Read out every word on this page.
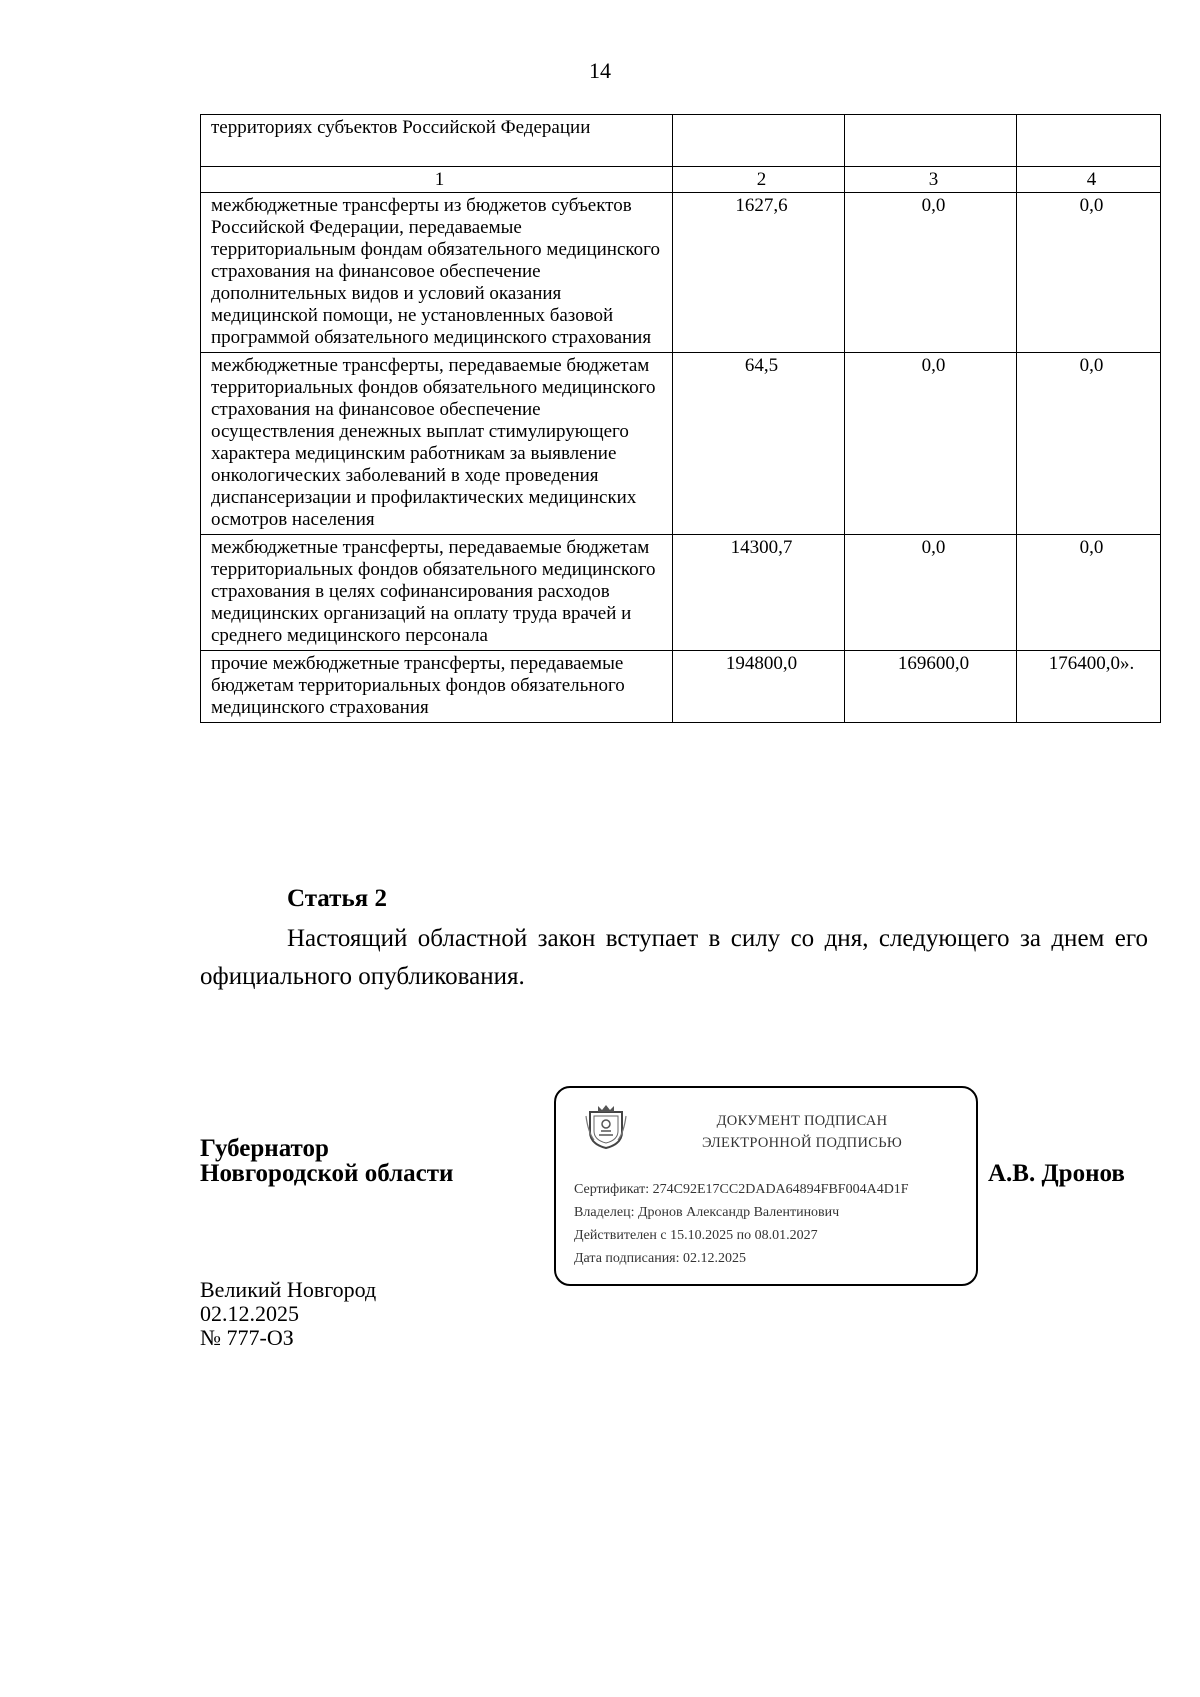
14
территориях субъектов Российской Федерации			
1	2	3	4
межбюджетные трансферты из бюджетов субъектов Российской Федерации, передаваемые территориальным фондам обязательного медицинского страхования на финансовое обеспечение дополнительных видов и условий оказания медицинской помощи, не установленных базовой программой обязательного медицинского страхования	1627,6	0,0	0,0
межбюджетные трансферты, передаваемые бюджетам территориальных фондов обязательного медицинского страхования на финансовое обеспечение осуществления денежных выплат стимулирующего характера медицинским работникам за выявление онкологических заболеваний в ходе проведения диспансеризации и профилактических медицинских осмотров населения	64,5	0,0	0,0
межбюджетные трансферты, передаваемые бюджетам территориальных фондов обязательного медицинского страхования в целях софинансирования расходов медицинских организаций на оплату труда врачей и среднего медицинского персонала	14300,7	0,0	0,0
прочие межбюджетные трансферты, передаваемые бюджетам территориальных фондов обязательного медицинского страхования	194800,0	169600,0	176400,0».
Статья 2
Настоящий областной закон вступает в силу со дня, следующего за днем его официального опубликования.
Губернатор
Новгородской области
ДОКУМЕНТ ПОДПИСАН
ЭЛЕКТРОННОЙ ПОДПИСЬЮ
Сертификат: 274C92E17CC2DADA64894FBF004A4D1F
Владелец: Дронов Александр Валентинович
Действителен с 15.10.2025 по 08.01.2027
Дата подписания: 02.12.2025
А.В. Дронов
Великий Новгород
02.12.2025
№ 777-ОЗ
